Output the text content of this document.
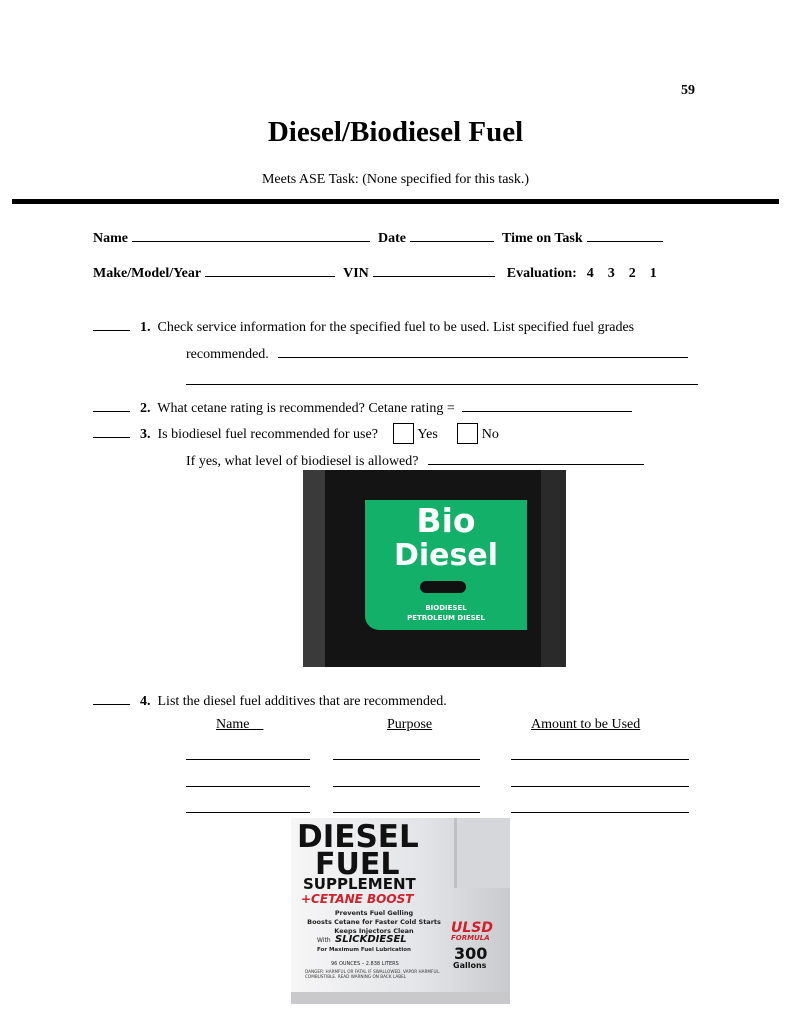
59
Diesel/Biodiesel Fuel
Meets ASE Task: (None specified for this task.)
Name	Date	Time on Task
Make/Model/Year	VIN	Evaluation: 4 3 2 1
1. Check service information for the specified fuel to be used. List specified fuel grades
recommended.
2. What cetane rating is recommended? Cetane rating =
3. Is biodiesel fuel recommended for use?	Yes	No
If yes, what level of biodiesel is allowed?
Bio
Diesel
BIODIESEL
PETROLEUM DIESEL
4. List the diesel fuel additives that are recommended.
Name	Purpose	Amount to be Used
DIESEL
FUEL
SUPPLEMENT
+CETANE BOOST
Prevents Fuel Gelling
Boosts Cetane for Faster Cold Starts
Keeps Injectors Clean
With SLICKDIESEL
For Maximum Fuel Lubrication
96 OUNCES – 2.838 LITERS
DANGER: HARMFUL OR FATAL IF SWALLOWED. VAPOR HARMFUL. COMBUSTIBLE. READ WARNING ON BACK LABEL
ULSD
FORMULA
300
Gallons
